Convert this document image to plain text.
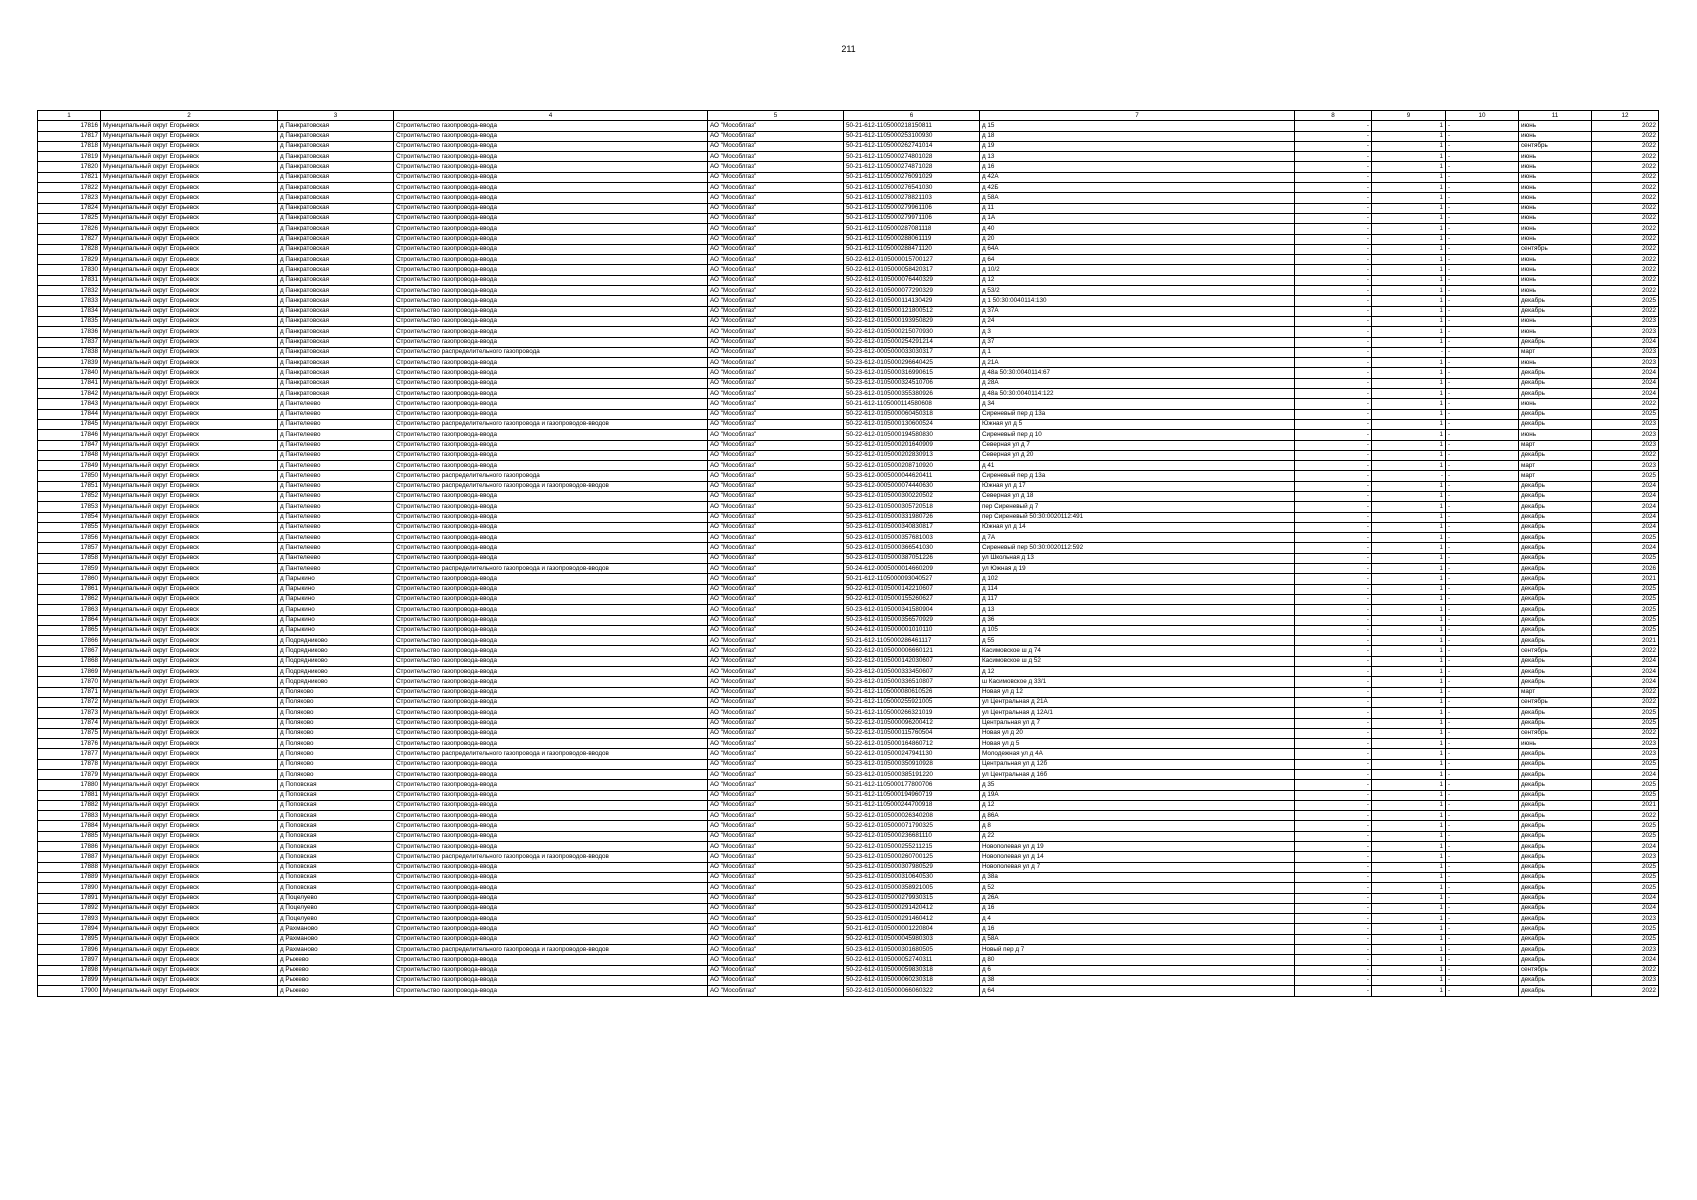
211
1	2	3	4	5	6	7	8	9	10	11	12
17816	Муниципальный округ Егорьевск	д Панкратовская	Строительство газопровода-ввода	АО "Мособлгаз"	50-21-612-1105000218150811	д 15	-	1	-	июнь	2022
17817	Муниципальный округ Егорьевск	д Панкратовская	Строительство газопровода-ввода	АО "Мособлгаз"	50-21-612-1105000253100930	д 18	-	1	-	июнь	2022
17818	Муниципальный округ Егорьевск	д Панкратовская	Строительство газопровода-ввода	АО "Мособлгаз"	50-21-612-1105000262741014	д 19	-	1	-	сентябрь	2022
17819	Муниципальный округ Егорьевск	д Панкратовская	Строительство газопровода-ввода	АО "Мособлгаз"	50-21-612-1105000274801028	д 13	-	1	-	июнь	2022
17820	Муниципальный округ Егорьевск	д Панкратовская	Строительство газопровода-ввода	АО "Мособлгаз"	50-21-612-1105000274871028	д 16	-	1	-	июнь	2022
17821	Муниципальный округ Егорьевск	д Панкратовская	Строительство газопровода-ввода	АО "Мособлгаз"	50-21-612-1105000276091029	д 42А	-	1	-	июнь	2022
17822	Муниципальный округ Егорьевск	д Панкратовская	Строительство газопровода-ввода	АО "Мособлгаз"	50-21-612-1105000276541030	д 42Б	-	1	-	июнь	2022
17823	Муниципальный округ Егорьевск	д Панкратовская	Строительство газопровода-ввода	АО "Мособлгаз"	50-21-612-1105000278821103	д 58А	-	1	-	июнь	2022
17824	Муниципальный округ Егорьевск	д Панкратовская	Строительство газопровода-ввода	АО "Мособлгаз"	50-21-612-1105000279961106	д 11	-	1	-	июнь	2022
17825	Муниципальный округ Егорьевск	д Панкратовская	Строительство газопровода-ввода	АО "Мособлгаз"	50-21-612-1105000279971106	д 1А	-	1	-	июнь	2022
17826	Муниципальный округ Егорьевск	д Панкратовская	Строительство газопровода-ввода	АО "Мособлгаз"	50-21-612-1105000287081118	д 40	-	1	-	июнь	2022
17827	Муниципальный округ Егорьевск	д Панкратовская	Строительство газопровода-ввода	АО "Мособлгаз"	50-21-612-1105000288061119	д 20	-	1	-	июнь	2022
17828	Муниципальный округ Егорьевск	д Панкратовская	Строительство газопровода-ввода	АО "Мособлгаз"	50-21-612-1105000288471120	д 64А	-	1	-	сентябрь	2022
17829	Муниципальный округ Егорьевск	д Панкратовская	Строительство газопровода-ввода	АО "Мособлгаз"	50-22-612-0105000015700127	д 64	-	1	-	июнь	2022
17830	Муниципальный округ Егорьевск	д Панкратовская	Строительство газопровода-ввода	АО "Мособлгаз"	50-22-612-0105000058420317	д 10/2	-	1	-	июнь	2022
17831	Муниципальный округ Егорьевск	д Панкратовская	Строительство газопровода-ввода	АО "Мособлгаз"	50-22-612-0105000076440329	д 12	-	1	-	июнь	2022
17832	Муниципальный округ Егорьевск	д Панкратовская	Строительство газопровода-ввода	АО "Мособлгаз"	50-22-612-0105000077290329	д 53/2	-	1	-	июнь	2022
17833	Муниципальный округ Егорьевск	д Панкратовская	Строительство газопровода-ввода	АО "Мособлгаз"	50-22-612-0105000114130429	д 1 50:30:0040114:130	-	1	-	декабрь	2025
17834	Муниципальный округ Егорьевск	д Панкратовская	Строительство газопровода-ввода	АО "Мособлгаз"	50-22-612-0105000121800512	д 37А	-	1	-	декабрь	2022
17835	Муниципальный округ Егорьевск	д Панкратовская	Строительство газопровода-ввода	АО "Мособлгаз"	50-22-612-0105000193950829	д 24	-	1	-	июнь	2023
17836	Муниципальный округ Егорьевск	д Панкратовская	Строительство газопровода-ввода	АО "Мособлгаз"	50-22-612-0105000215070930	д 3	-	1	-	июнь	2023
17837	Муниципальный округ Егорьевск	д Панкратовская	Строительство газопровода-ввода	АО "Мособлгаз"	50-22-612-0105000254291214	д 37	-	1	-	декабрь	2024
17838	Муниципальный округ Егорьевск	д Панкратовская	Строительство распределительного газопровода	АО "Мособлгаз"	50-23-612-0005000033030317	д 1	-	-	-	март	2023
17839	Муниципальный округ Егорьевск	д Панкратовская	Строительство газопровода-ввода	АО "Мособлгаз"	50-23-612-0105000296640425	д 21А	-	1	-	июнь	2023
17840	Муниципальный округ Егорьевск	д Панкратовская	Строительство газопровода-ввода	АО "Мособлгаз"	50-23-612-0105000316990615	д 48а 50:30:0040114:67	-	1	-	декабрь	2024
17841	Муниципальный округ Егорьевск	д Панкратовская	Строительство газопровода-ввода	АО "Мособлгаз"	50-23-612-0105000324510706	д 28А	-	1	-	декабрь	2024
17842	Муниципальный округ Егорьевск	д Панкратовская	Строительство газопровода-ввода	АО "Мособлгаз"	50-23-612-0105000355380926	д 48а 50:30:0040114:122	-	1	-	декабрь	2024
17843	Муниципальный округ Егорьевск	д Пантелеево	Строительство газопровода-ввода	АО "Мособлгаз"	50-21-612-1105000114580608	д 34	-	1	-	июнь	2022
17844	Муниципальный округ Егорьевск	д Пантелеево	Строительство газопровода-ввода	АО "Мособлгаз"	50-22-612-0105000060450318	Сиреневый пер д 13а	-	1	-	декабрь	2025
17845	Муниципальный округ Егорьевск	д Пантелеево	Строительство распределительного газопровода и газопроводов-вводов	АО "Мособлгаз"	50-22-612-0105000130600524	Южная ул д 5	-	1	-	декабрь	2023
17846	Муниципальный округ Егорьевск	д Пантелеево	Строительство газопровода-ввода	АО "Мособлгаз"	50-22-612-0105000194580830	Сиреневый пер д 10	-	1	-	июнь	2023
17847	Муниципальный округ Егорьевск	д Пантелеево	Строительство газопровода-ввода	АО "Мособлгаз"	50-22-612-0105000201640909	Северная ул д 7	-	1	-	март	2023
17848	Муниципальный округ Егорьевск	д Пантелеево	Строительство газопровода-ввода	АО "Мособлгаз"	50-22-612-0105000202830913	Северная ул д 20	-	1	-	декабрь	2022
17849	Муниципальный округ Егорьевск	д Пантелеево	Строительство газопровода-ввода	АО "Мособлгаз"	50-22-612-0105000208710920	д 41	-	1	-	март	2023
17850	Муниципальный округ Егорьевск	д Пантелеево	Строительство распределительного газопровода	АО "Мособлгаз"	50-23-612-0005000044620411	Сиреневый пер д 13а	-	-	-	март	2025
17851	Муниципальный округ Егорьевск	д Пантелеево	Строительство распределительного газопровода и газопроводов-вводов	АО "Мособлгаз"	50-23-612-0005000074440630	Южная ул д 17	-	1	-	декабрь	2024
17852	Муниципальный округ Егорьевск	д Пантелеево	Строительство газопровода-ввода	АО "Мособлгаз"	50-23-612-0105000300220502	Северная ул д 18	-	1	-	декабрь	2024
17853	Муниципальный округ Егорьевск	д Пантелеево	Строительство газопровода-ввода	АО "Мособлгаз"	50-23-612-0105000305720518	пер Сиреневый д 7	-	1	-	декабрь	2024
17854	Муниципальный округ Егорьевск	д Пантелеево	Строительство газопровода-ввода	АО "Мособлгаз"	50-23-612-0105000331980726	пер Сиреневый 50:30:0020112:491	-	1	-	декабрь	2024
17855	Муниципальный округ Егорьевск	д Пантелеево	Строительство газопровода-ввода	АО "Мособлгаз"	50-23-612-0105000340830817	Южная ул д 14	-	1	-	декабрь	2024
17856	Муниципальный округ Егорьевск	д Пантелеево	Строительство газопровода-ввода	АО "Мособлгаз"	50-23-612-0105000357681003	д 7А	-	1	-	декабрь	2025
17857	Муниципальный округ Егорьевск	д Пантелеево	Строительство газопровода-ввода	АО "Мособлгаз"	50-23-612-0105000366541030	Сиреневый пер 50:30:0020112:592	-	1	-	декабрь	2024
17858	Муниципальный округ Егорьевск	д Пантелеево	Строительство газопровода-ввода	АО "Мособлгаз"	50-23-612-0105000387051226	ул Школьная д 13	-	1	-	декабрь	2025
17859	Муниципальный округ Егорьевск	д Пантелеево	Строительство распределительного газопровода и газопроводов-вводов	АО "Мособлгаз"	50-24-612-0005000014660209	ул Южная д 19	-	1	-	декабрь	2026
17860	Муниципальный округ Егорьевск	д Парыкино	Строительство газопровода-ввода	АО "Мособлгаз"	50-21-612-1105000093040527	д 102	-	1	-	декабрь	2021
17861	Муниципальный округ Егорьевск	д Парыкино	Строительство газопровода-ввода	АО "Мособлгаз"	50-22-612-0105000142210607	д 114	-	1	-	декабрь	2025
17862	Муниципальный округ Егорьевск	д Парыкино	Строительство газопровода-ввода	АО "Мособлгаз"	50-22-612-0105000155260627	д 117	-	1	-	декабрь	2025
17863	Муниципальный округ Егорьевск	д Парыкино	Строительство газопровода-ввода	АО "Мособлгаз"	50-23-612-0105000341580904	д 13	-	1	-	декабрь	2025
17864	Муниципальный округ Егорьевск	д Парыкино	Строительство газопровода-ввода	АО "Мособлгаз"	50-23-612-0105000356570929	д 36	-	1	-	декабрь	2025
17865	Муниципальный округ Егорьевск	д Парыкино	Строительство газопровода-ввода	АО "Мособлгаз"	50-24-612-0105000001010110	д 105	-	1	-	декабрь	2025
17866	Муниципальный округ Егорьевск	д Подрядниково	Строительство газопровода-ввода	АО "Мособлгаз"	50-21-612-1105000286461117	д 55	-	1	-	декабрь	2021
17867	Муниципальный округ Егорьевск	д Подрядниково	Строительство газопровода-ввода	АО "Мособлгаз"	50-22-612-0105000006660121	Касимовское ш д 74	-	1	-	сентябрь	2022
17868	Муниципальный округ Егорьевск	д Подрядниково	Строительство газопровода-ввода	АО "Мособлгаз"	50-22-612-0105000142030607	Касимовское ш д 52	-	1	-	декабрь	2024
17869	Муниципальный округ Егорьевск	д Подрядниково	Строительство газопровода-ввода	АО "Мособлгаз"	50-23-612-0105000333450607	д 12	-	1	-	декабрь	2024
17870	Муниципальный округ Егорьевск	д Подрядниково	Строительство газопровода-ввода	АО "Мособлгаз"	50-23-612-0105000336510807	ш Касимовское д 33/1	-	1	-	декабрь	2024
17871	Муниципальный округ Егорьевск	д Поляково	Строительство газопровода-ввода	АО "Мособлгаз"	50-21-612-1105000080610526	Новая ул д 12	-	1	-	март	2022
17872	Муниципальный округ Егорьевск	д Поляково	Строительство газопровода-ввода	АО "Мособлгаз"	50-21-612-1105000255921005	ул Центральная д 21А	-	1	-	сентябрь	2022
17873	Муниципальный округ Егорьевск	д Поляково	Строительство газопровода-ввода	АО "Мособлгаз"	50-21-612-1105000266321019	ул Центральная д 12А/1	-	1	-	декабрь	2025
17874	Муниципальный округ Егорьевск	д Поляково	Строительство газопровода-ввода	АО "Мособлгаз"	50-22-612-0105000096200412	Центральная ул д 7	-	1	-	декабрь	2025
17875	Муниципальный округ Егорьевск	д Поляково	Строительство газопровода-ввода	АО "Мособлгаз"	50-22-612-0105000115760504	Новая ул д 20	-	1	-	сентябрь	2022
17876	Муниципальный округ Егорьевск	д Поляково	Строительство газопровода-ввода	АО "Мособлгаз"	50-22-612-0105000164860712	Новая ул д 5	-	1	-	июнь	2023
17877	Муниципальный округ Егорьевск	д Поляково	Строительство распределительного газопровода и газопроводов-вводов	АО "Мособлгаз"	50-22-612-0105000247941130	Молодежная ул д 4А	-	1	-	декабрь	2023
17878	Муниципальный округ Егорьевск	д Поляково	Строительство газопровода-ввода	АО "Мособлгаз"	50-23-612-0105000350910928	Центральная ул д 12б	-	1	-	декабрь	2025
17879	Муниципальный округ Егорьевск	д Поляково	Строительство газопровода-ввода	АО "Мособлгаз"	50-23-612-0105000385191220	ул Центральная д 16б	-	1	-	декабрь	2024
17880	Муниципальный округ Егорьевск	д Поповская	Строительство газопровода-ввода	АО "Мособлгаз"	50-21-612-1105000177800706	д 35	-	1	-	декабрь	2025
17881	Муниципальный округ Егорьевск	д Поповская	Строительство газопровода-ввода	АО "Мособлгаз"	50-21-612-1105000194960719	д 19А	-	1	-	декабрь	2025
17882	Муниципальный округ Егорьевск	д Поповская	Строительство газопровода-ввода	АО "Мособлгаз"	50-21-612-1105000244700918	д 12	-	1	-	декабрь	2021
17883	Муниципальный округ Егорьевск	д Поповская	Строительство газопровода-ввода	АО "Мособлгаз"	50-22-612-0105000026340208	д 86А	-	1	-	декабрь	2022
17884	Муниципальный округ Егорьевск	д Поповская	Строительство газопровода-ввода	АО "Мособлгаз"	50-22-612-0105000071790325	д 8	-	1	-	декабрь	2025
17885	Муниципальный округ Егорьевск	д Поповская	Строительство газопровода-ввода	АО "Мособлгаз"	50-22-612-0105000236681110	д 22	-	1	-	декабрь	2025
17886	Муниципальный округ Егорьевск	д Поповская	Строительство газопровода-ввода	АО "Мособлгаз"	50-22-612-0105000255211215	Новополевая ул д 19	-	1	-	декабрь	2024
17887	Муниципальный округ Егорьевск	д Поповская	Строительство распределительного газопровода и газопроводов-вводов	АО "Мособлгаз"	50-23-612-0105000260700125	Новополевая ул д 14	-	1	-	декабрь	2023
17888	Муниципальный округ Егорьевск	д Поповская	Строительство газопровода-ввода	АО "Мособлгаз"	50-23-612-0105000307980529	Новополевая ул д 7	-	1	-	декабрь	2025
17889	Муниципальный округ Егорьевск	д Поповская	Строительство газопровода-ввода	АО "Мособлгаз"	50-23-612-0105000310640530	д 38а	-	1	-	декабрь	2025
17890	Муниципальный округ Егорьевск	д Поповская	Строительство газопровода-ввода	АО "Мособлгаз"	50-23-612-0105000358921005	д 52	-	1	-	декабрь	2025
17891	Муниципальный округ Егорьевск	д Поцелуево	Строительство газопровода-ввода	АО "Мособлгаз"	50-23-612-0105000279930315	д 26А	-	1	-	декабрь	2024
17892	Муниципальный округ Егорьевск	д Поцелуево	Строительство газопровода-ввода	АО "Мособлгаз"	50-23-612-0105000291420412	д 16	-	1	-	декабрь	2024
17893	Муниципальный округ Егорьевск	д Поцелуево	Строительство газопровода-ввода	АО "Мособлгаз"	50-23-612-0105000291460412	д 4	-	1	-	декабрь	2023
17894	Муниципальный округ Егорьевск	д Рахманово	Строительство газопровода-ввода	АО "Мособлгаз"	50-21-612-0105000001220804	д 16	-	1	-	декабрь	2025
17895	Муниципальный округ Егорьевск	д Рахманово	Строительство газопровода-ввода	АО "Мособлгаз"	50-22-612-0105000045980303	д 58А	-	1	-	декабрь	2025
17896	Муниципальный округ Егорьевск	д Рахманово	Строительство распределительного газопровода и газопроводов-вводов	АО "Мособлгаз"	50-23-612-0105000301680505	Новый пер д 7	-	1	-	декабрь	2023
17897	Муниципальный округ Егорьевск	д Рыжево	Строительство газопровода-ввода	АО "Мособлгаз"	50-22-612-0105000052740311	д 80	-	1	-	декабрь	2024
17898	Муниципальный округ Егорьевск	д Рыжево	Строительство газопровода-ввода	АО "Мособлгаз"	50-22-612-0105000059830318	д 6	-	1	-	сентябрь	2022
17899	Муниципальный округ Егорьевск	д Рыжево	Строительство газопровода-ввода	АО "Мособлгаз"	50-22-612-0105000060230318	д 38	-	1	-	декабрь	2023
17900	Муниципальный округ Егорьевск	д Рыжево	Строительство газопровода-ввода	АО "Мособлгаз"	50-22-612-0105000066060322	д 64	-	1	-	декабрь	2022
